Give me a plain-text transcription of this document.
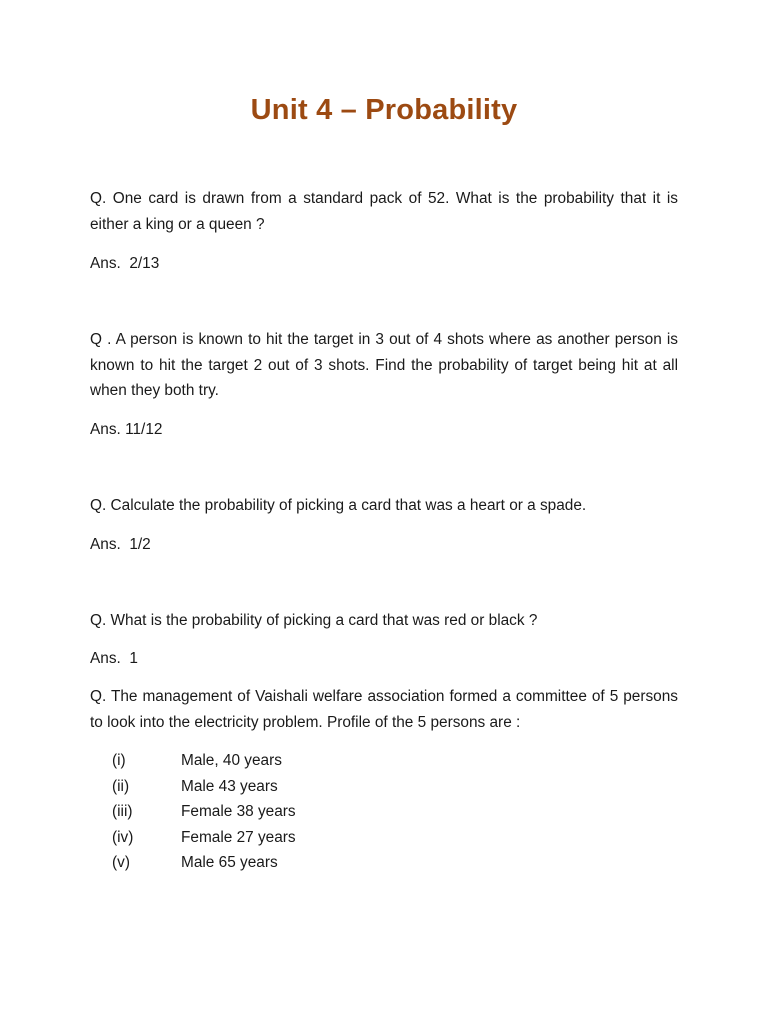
Unit 4 – Probability

Q. One card is drawn from a standard pack of 52. What is the probability that it is either a king or a queen ?

Ans.  2/13

Q . A person is known to hit the target in 3 out of 4 shots where as another person is known to hit the target 2 out of 3 shots. Find the probability of target being hit at all when they both try.

Ans. 11/12

Q. Calculate the probability of picking a card that was a heart or a spade.

Ans.  1/2

Q. What is the probability of picking a card that was red or black ?

Ans.  1

Q. The management of Vaishali welfare association formed a committee of 5 persons to look into the electricity problem. Profile of the 5 persons are :

(i)	Male, 40 years
(ii)	Male 43 years
(iii)	Female 38 years
(iv)	Female 27 years
(v)	Male 65 years
